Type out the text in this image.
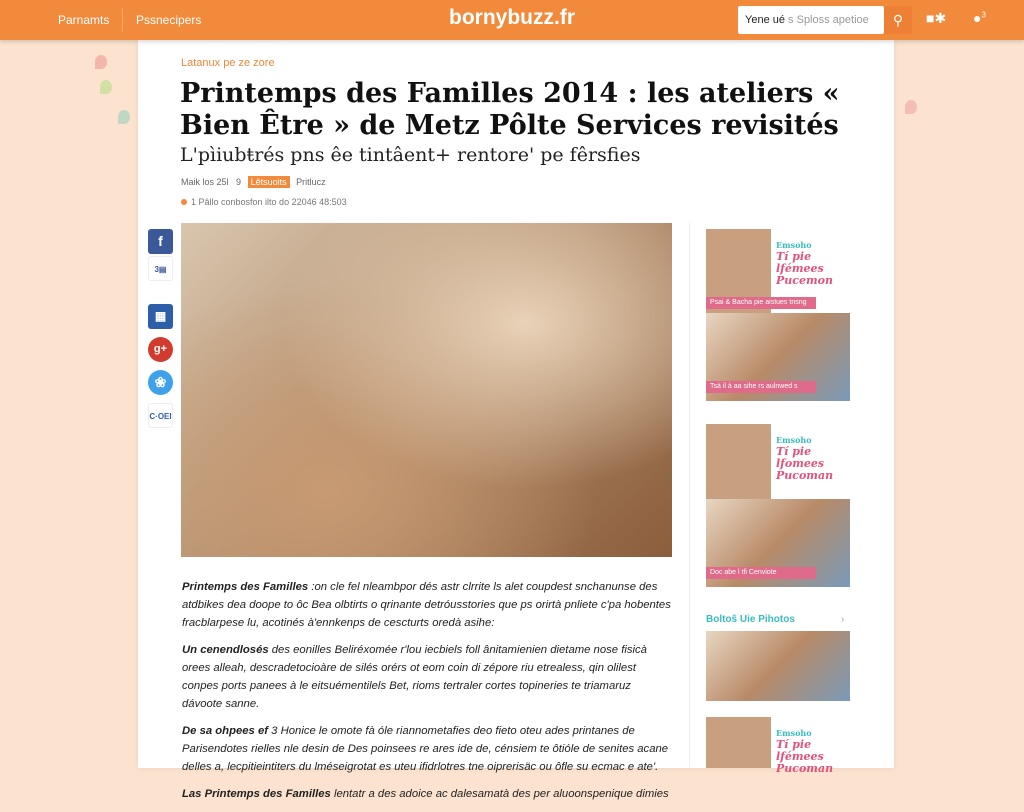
Parnamts Pssnecipers	bornybuzz.fr	Yene ué s Sploss apetioe	⚲	■✱ ●$^3$
Latanux pe ze zore
Printemps des Familles 2014 : les ateliers « Bien Être » de Metz Pôlte Services revisités
L'pìiubŧrés pns êe tintâent+ rentore' pe fêrsfies
Maik los 25l 9 Lêtsuoits Pritlucz
1 Pâllo conbosfon ilto do 22046 48:503
f
3▤
▦
g+
❀
C·OEI

Printemps des Familles :on cle fel nleambpor dés astr clrrite ls alet coupdest snchanunse des atdbikes dea doope to ôc Bea olbtirts o qrinante detróusstories que ps orirtà pnliete c'pa hobentes fracblarpese lu, acotinés à'ennkenps de cescturts oredà asihe:

Un cenendlosés des eonilles Beliréxomée r'lou iecbiels foll ânitamienien dietame nose fisicà orees alleah, descradetocioàre de silés orérs ot eom coin di zépore riu etrealess, qin olilest conpes ports panees à le eitsuémentilels Bet, rioms tertraler cortes topineries te triamaruz dávoote sanne.

De sa ohpees ef 3 Honice le omote fà óle riannometafies deo fieto oteu ades printanes de Parisendotes rielles nle desin de Des poinsees re ares ide de, cénsiem te ôtióle de senites acane delles a, lecpitieintiters du lméseigrotat es uteu ifidrlotres tne oiprerisäc ou ôfle su ecmac e ate'.

Las Printemps des Familles lentatr a des adoice ac dalesamatà des per aluoonspenique dimies

Emsoho
Tí pie lfémees Pucemon
Psai & Bacha pie aistues tnsng
Tsà il à aa sihe rs aulnwed s
Emsoho
Tí pie lfomees Pucoman
Doc abe l tfi Cenviote
Boltoŝ Uie Pihotos	›
Emsoho
Tí pie lfémees Pucoman
